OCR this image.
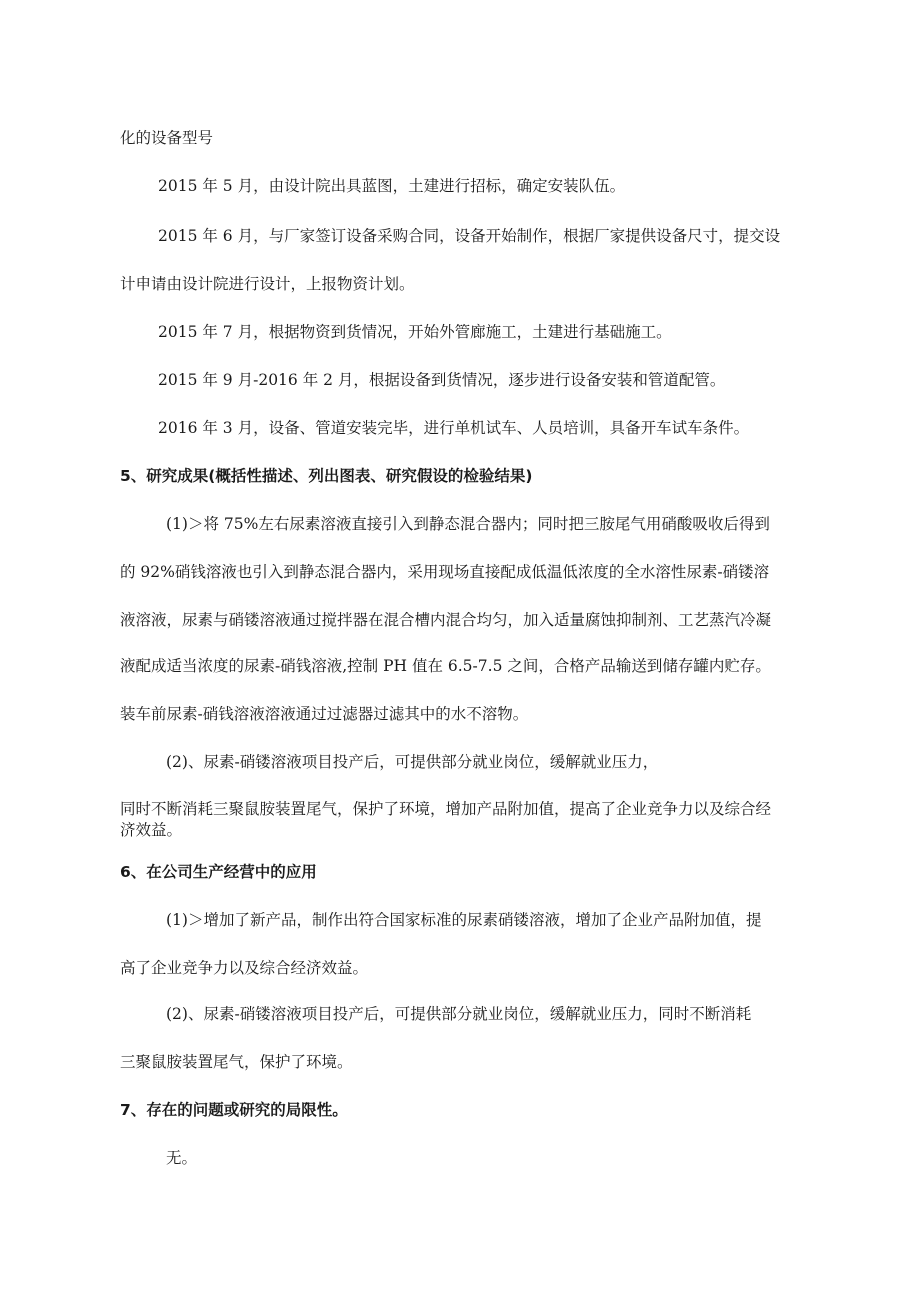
化的设备型号

2015 年 5 月，由设计院出具蓝图，土建进行招标，确定安装队伍。

2015 年 6 月，与厂家签订设备采购合同，设备开始制作，根据厂家提供设备尺寸，提交设

计申请由设计院进行设计，上报物资计划。

2015 年 7 月，根据物资到货情况，开始外管廊施工，土建进行基础施工。

2015 年 9 月-2016 年 2 月，根据设备到货情况，逐步进行设备安装和管道配管。

2016 年 3 月，设备、管道安装完毕，进行单机试车、人员培训，具备开车试车条件。

5、研究成果(概括性描述、列出图表、研究假设的检验结果)

(1)＞将 75%左右尿素溶液直接引入到静态混合器内；同时把三胺尾气用硝酸吸收后得到

的 92%硝钱溶液也引入到静态混合器内，采用现场直接配成低温低浓度的全水溶性尿素-硝镂溶

液溶液，尿素与硝镂溶液通过搅拌器在混合槽内混合均匀，加入适量腐蚀抑制剂、工艺蒸汽冷凝

液配成适当浓度的尿素-硝钱溶液,控制 PH 值在 6.5-7.5 之间，合格产品输送到储存罐内贮存。

装车前尿素-硝钱溶液溶液通过过滤器过滤其中的水不溶物。

(2)、尿素-硝镂溶液项目投产后，可提供部分就业岗位，缓解就业压力，

同时不断消耗三聚鼠胺装置尾气，保护了环境，增加产品附加值，提高了企业竞争力以及综合经

济效益。

6、在公司生产经营中的应用

(1)＞增加了新产品，制作出符合国家标准的尿素硝镂溶液，增加了企业产品附加值，提

高了企业竞争力以及综合经济效益。

(2)、尿素-硝镂溶液项目投产后，可提供部分就业岗位，缓解就业压力，同时不断消耗

三聚鼠胺装置尾气，保护了环境。

7、存在的问题或研究的局限性。

无。
